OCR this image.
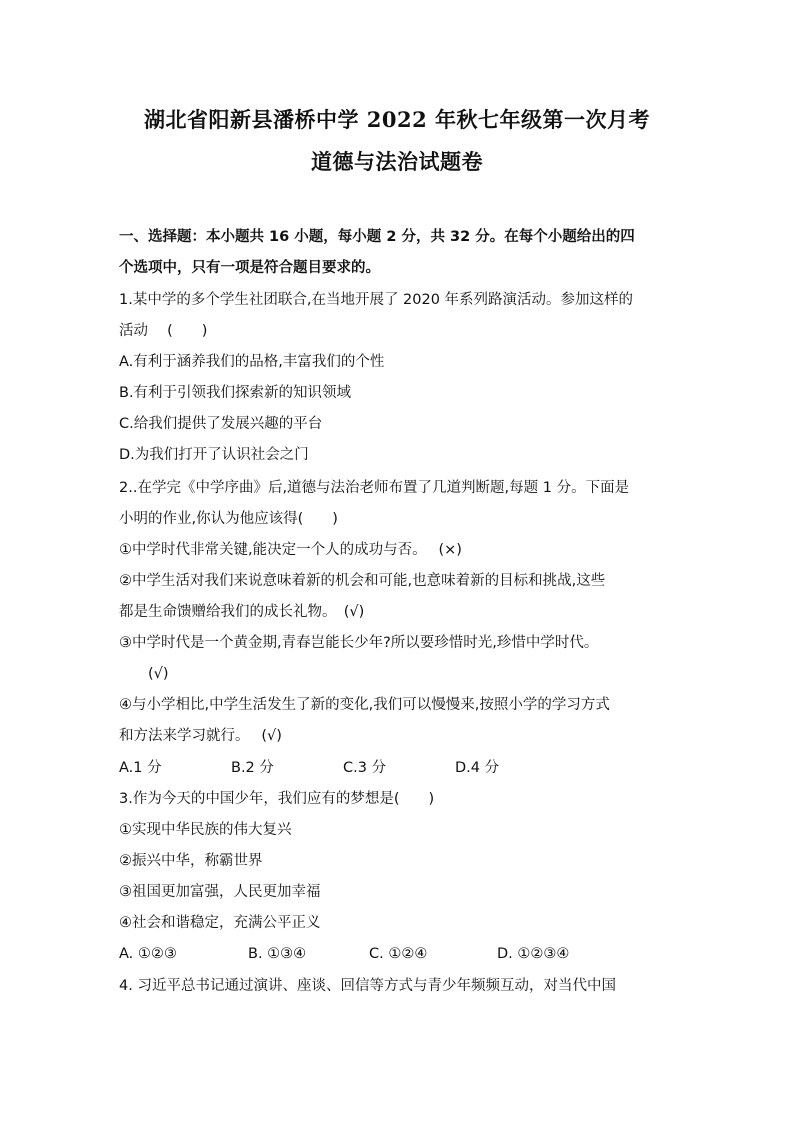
湖北省阳新县潘桥中学 2022 年秋七年级第一次月考
道德与法治试题卷
一、选择题：本小题共 16 小题，每小题 2 分，共 32 分。在每个小题给出的四
个选项中，只有一项是符合题目要求的。
1.某中学的多个学生社团联合,在当地开展了 2020 年系列路演活动。参加这样的
活动　 (　　)
A.有利于涵养我们的品格,丰富我们的个性
B.有利于引领我们探索新的知识领域
C.给我们提供了发展兴趣的平台
D.为我们打开了认识社会之门
2..在学完《中学序曲》后,道德与法治老师布置了几道判断题,每题 1 分。下面是
小明的作业,你认为他应该得(　　)
①中学时代非常关键,能决定一个人的成功与否。　 (×)
②中学生活对我们来说意味着新的机会和可能,也意味着新的目标和挑战,这些
都是生命馈赠给我们的成长礼物。　(√)
③中学时代是一个黄金期,青春岂能长少年?所以要珍惜时光,珍惜中学时代。
(√)
④与小学相比,中学生活发生了新的变化,我们可以慢慢来,按照小学的学习方式
和方法来学习就行。　 (√)
A.1 分	B.2 分	C.3 分	D.4 分
3.作为今天的中国少年，我们应有的梦想是(　　)
①实现中华民族的伟大复兴
②振兴中华，称霸世界
③祖国更加富强，人民更加幸福
④社会和谐稳定，充满公平正义
A. ①②③	B. ①③④	C. ①②④	D. ①②③④
4. 习近平总书记通过演讲、座谈、回信等方式与青少年频频互动，对当代中国
